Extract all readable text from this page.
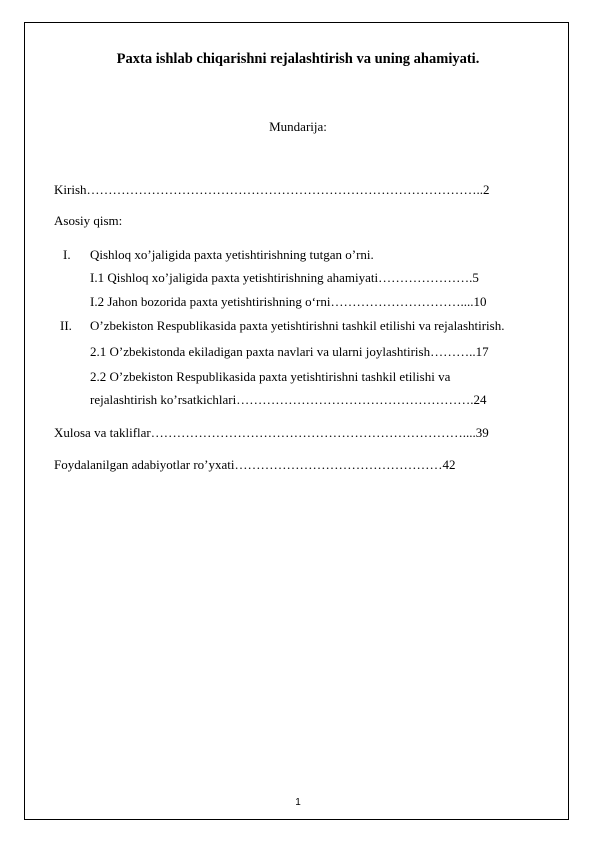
Paxta ishlab chiqarishni rejalashtirish va uning ahamiyati.
Mundarija:
Kirish………………………………………………………………………………..2
Asosiy qism:
I. Qishloq xo’jaligida paxta yetishtirishning tutgan o’rni.
I.1 Qishloq xo’jaligida paxta yetishtirishning ahamiyati………………….5
I.2 Jahon bozorida paxta yetishtirishning o‘rni…………………………....10
II. O’zbekiston Respublikasida paxta yetishtirishni tashkil etilishi va rejalashtirish.
2.1 O’zbekistonda ekiladigan paxta navlari va ularni joylashtirish………..17
2.2 O’zbekiston Respublikasida paxta yetishtirishni tashkil etilishi va
rejalashtirish ko’rsatkichlari……………………………………………….24
Xulosa va takliflar………………………………………………………………....39
Foydalanilgan adabiyotlar ro’yxati…………………………………………42
1
